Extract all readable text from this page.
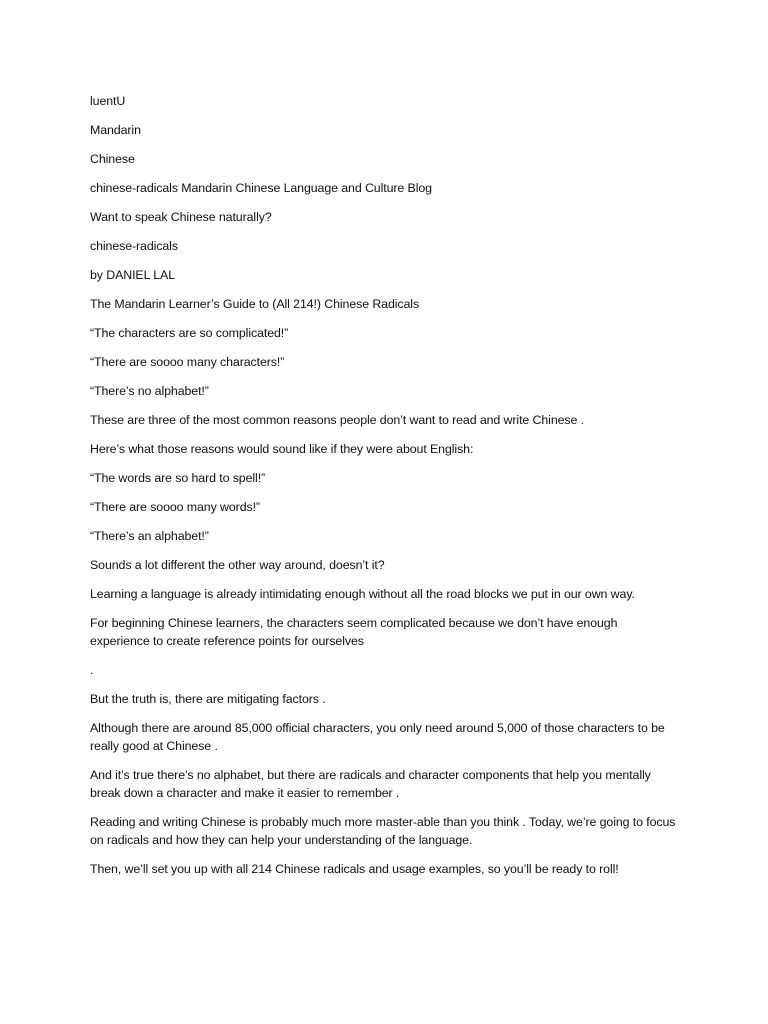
luentU

Mandarin

Chinese

chinese-radicals Mandarin Chinese Language and Culture Blog

Want to speak Chinese naturally?

chinese-radicals

by DANIEL LAL

The Mandarin Learner’s Guide to (All 214!) Chinese Radicals

“The characters are so complicated!”

“There are soooo many characters!”

“There’s no alphabet!”

These are three of the most common reasons people don’t want to read and write Chinese .

Here’s what those reasons would sound like if they were about English:

“The words are so hard to spell!”

“There are soooo many words!”

“There’s an alphabet!”

Sounds a lot different the other way around, doesn’t it?

Learning a language is already intimidating enough without all the road blocks we put in our own way.

For beginning Chinese learners, the characters seem complicated because we don’t have enough experience to create reference points for ourselves

.

But the truth is, there are mitigating factors .

Although there are around 85,000 official characters, you only need around 5,000 of those characters to be really good at Chinese .

And it’s true there’s no alphabet, but there are radicals and character components that help you mentally break down a character and make it easier to remember .

Reading and writing Chinese is probably much more master-able than you think . Today, we’re going to focus on radicals and how they can help your understanding of the language.

Then, we’ll set you up with all 214 Chinese radicals and usage examples, so you’ll be ready to roll!
